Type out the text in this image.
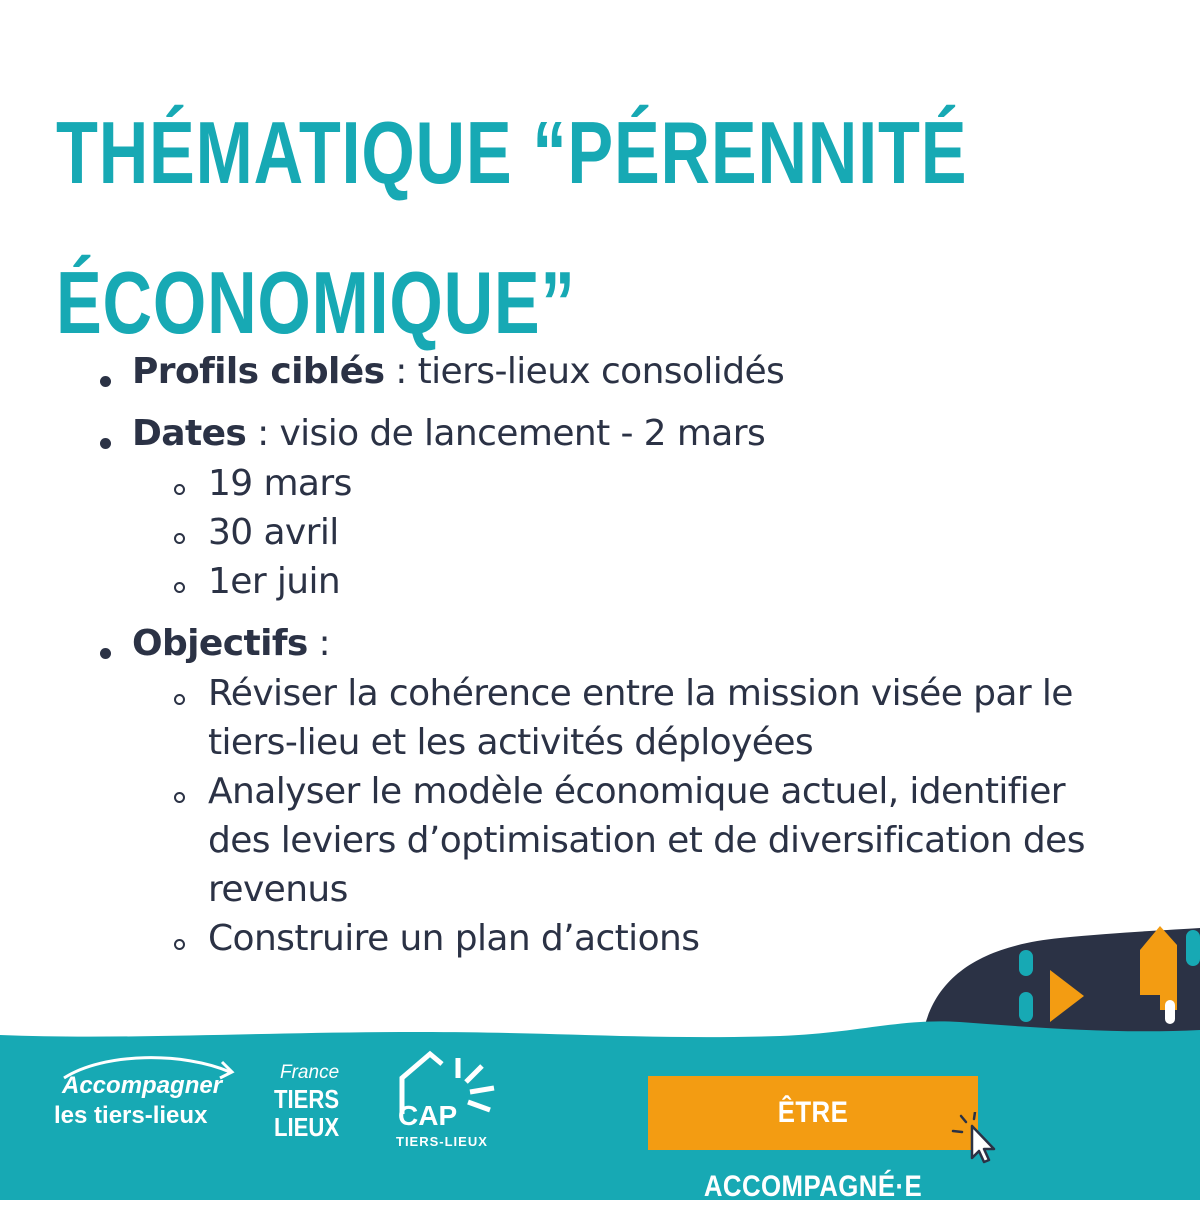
THÉMATIQUE “PÉRENNITÉ
ÉCONOMIQUE”
Profils ciblés : tiers-lieux consolidés
Dates : visio de lancement - 2 mars
19 mars
30 avril
1er juin
Objectifs :
Réviser la cohérence entre la mission visée par le
tiers-lieu et les activités déployées
Analyser le modèle économique actuel, identifier
des leviers d’optimisation et de diversification des
revenus
Construire un plan d’actions
Accompagner
les tiers-lieux
France
TIERS
LIEUX CAP
TIERS-LIEUX
ÊTRE ACCOMPAGNÉ·E
